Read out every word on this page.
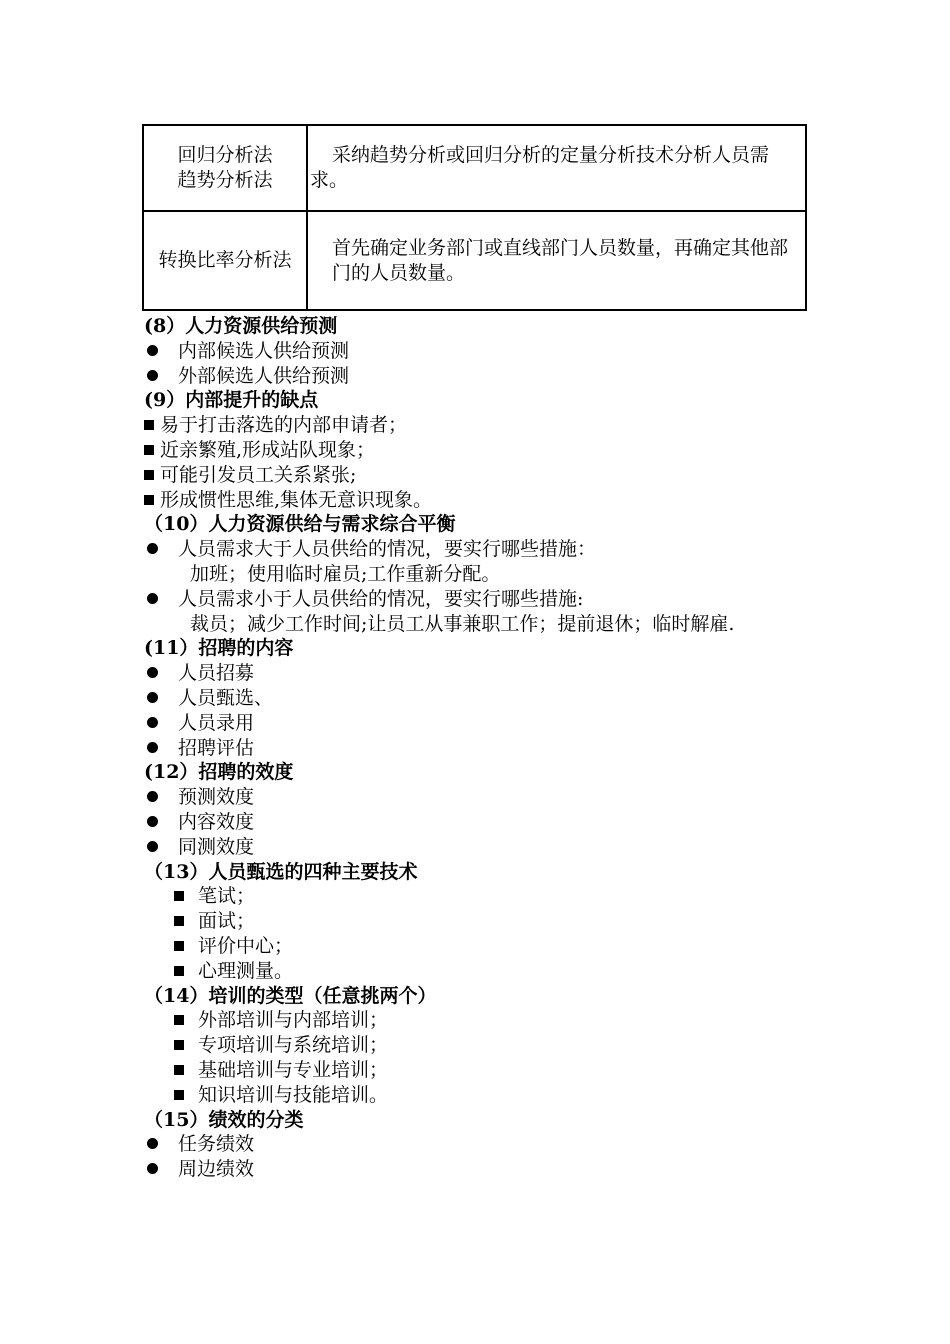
回归分析法
趋势分析法	采纳趋势分析或回归分析的定量分析技术分析人员需求。

转换比率分析法	首先确定业务部门或直线部门人员数量，再确定其他部
门的人员数量。
(8）人力资源供给预测
内部候选人供给预测
外部候选人供给预测
(9）内部提升的缺点
易于打击落选的内部申请者；
近亲繁殖,形成站队现象；
可能引发员工关系紧张;
形成惯性思维,集体无意识现象。
（10）人力资源供给与需求综合平衡
人员需求大于人员供给的情况，要实行哪些措施：
加班；使用临时雇员;工作重新分配。
人员需求小于人员供给的情况，要实行哪些措施:
裁员；减少工作时间;让员工从事兼职工作；提前退休；临时解雇.
(11）招聘的内容
人员招募
人员甄选、
人员录用
招聘评估
(12）招聘的效度
预测效度
内容效度
同测效度
（13）人员甄选的四种主要技术
笔试；
面试；
评价中心；
心理测量。
（14）培训的类型（任意挑两个）
外部培训与内部培训；
专项培训与系统培训；
基础培训与专业培训；
知识培训与技能培训。
（15）绩效的分类
任务绩效
周边绩效
